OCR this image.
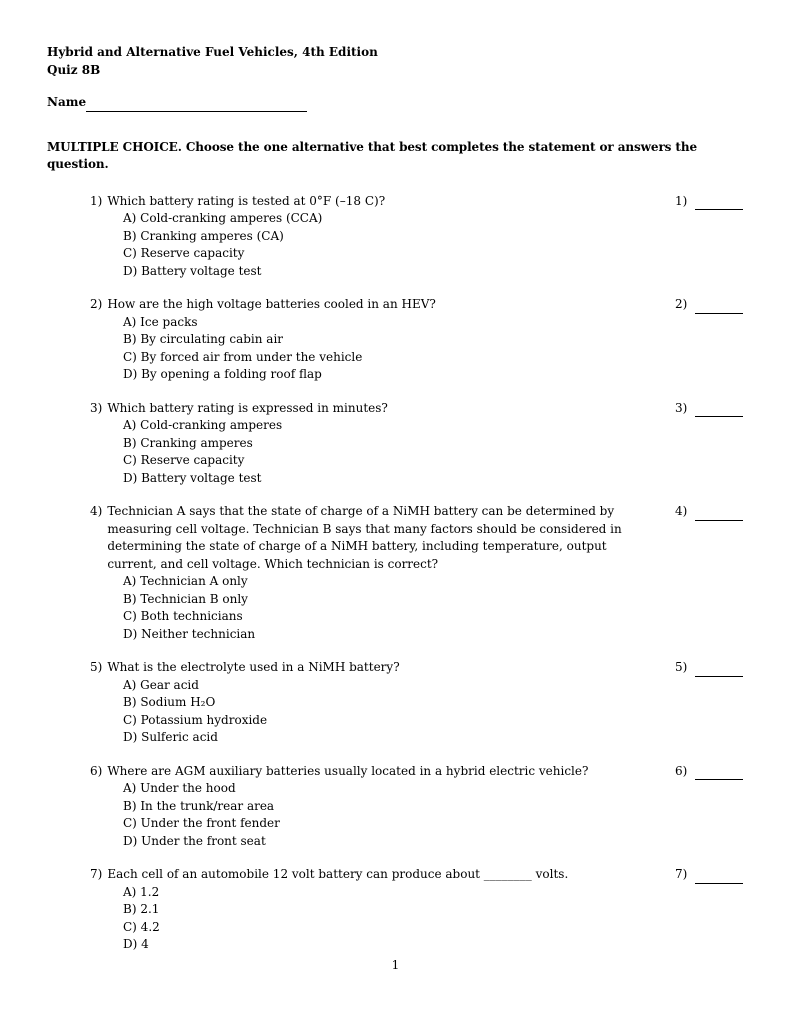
Hybrid and Alternative Fuel Vehicles, 4th Edition
Quiz 8B
Name
MULTIPLE CHOICE. Choose the one alternative that best completes the statement or answers the question.
1) Which battery rating is tested at 0°F (–18 C)?
A) Cold-cranking amperes (CCA)
B) Cranking amperes (CA)
C) Reserve capacity
D) Battery voltage test
1)
2) How are the high voltage batteries cooled in an HEV?
A) Ice packs
B) By circulating cabin air
C) By forced air from under the vehicle
D) By opening a folding roof flap
2)
3) Which battery rating is expressed in minutes?
A) Cold-cranking amperes
B) Cranking amperes
C) Reserve capacity
D) Battery voltage test
3)
4) Technician A says that the state of charge of a NiMH battery can be determined by measuring cell voltage. Technician B says that many factors should be considered in determining the state of charge of a NiMH battery, including temperature, output current, and cell voltage. Which technician is correct?
A) Technician A only
B) Technician B only
C) Both technicians
D) Neither technician
4)
5) What is the electrolyte used in a NiMH battery?
A) Gear acid
B) Sodium H₂O
C) Potassium hydroxide
D) Sulferic acid
5)
6) Where are AGM auxiliary batteries usually located in a hybrid electric vehicle?
A) Under the hood
B) In the trunk/rear area
C) Under the front fender
D) Under the front seat
6)
7) Each cell of an automobile 12 volt battery can produce about ________ volts.
A) 1.2
B) 2.1
C) 4.2
D) 4
7)
1
